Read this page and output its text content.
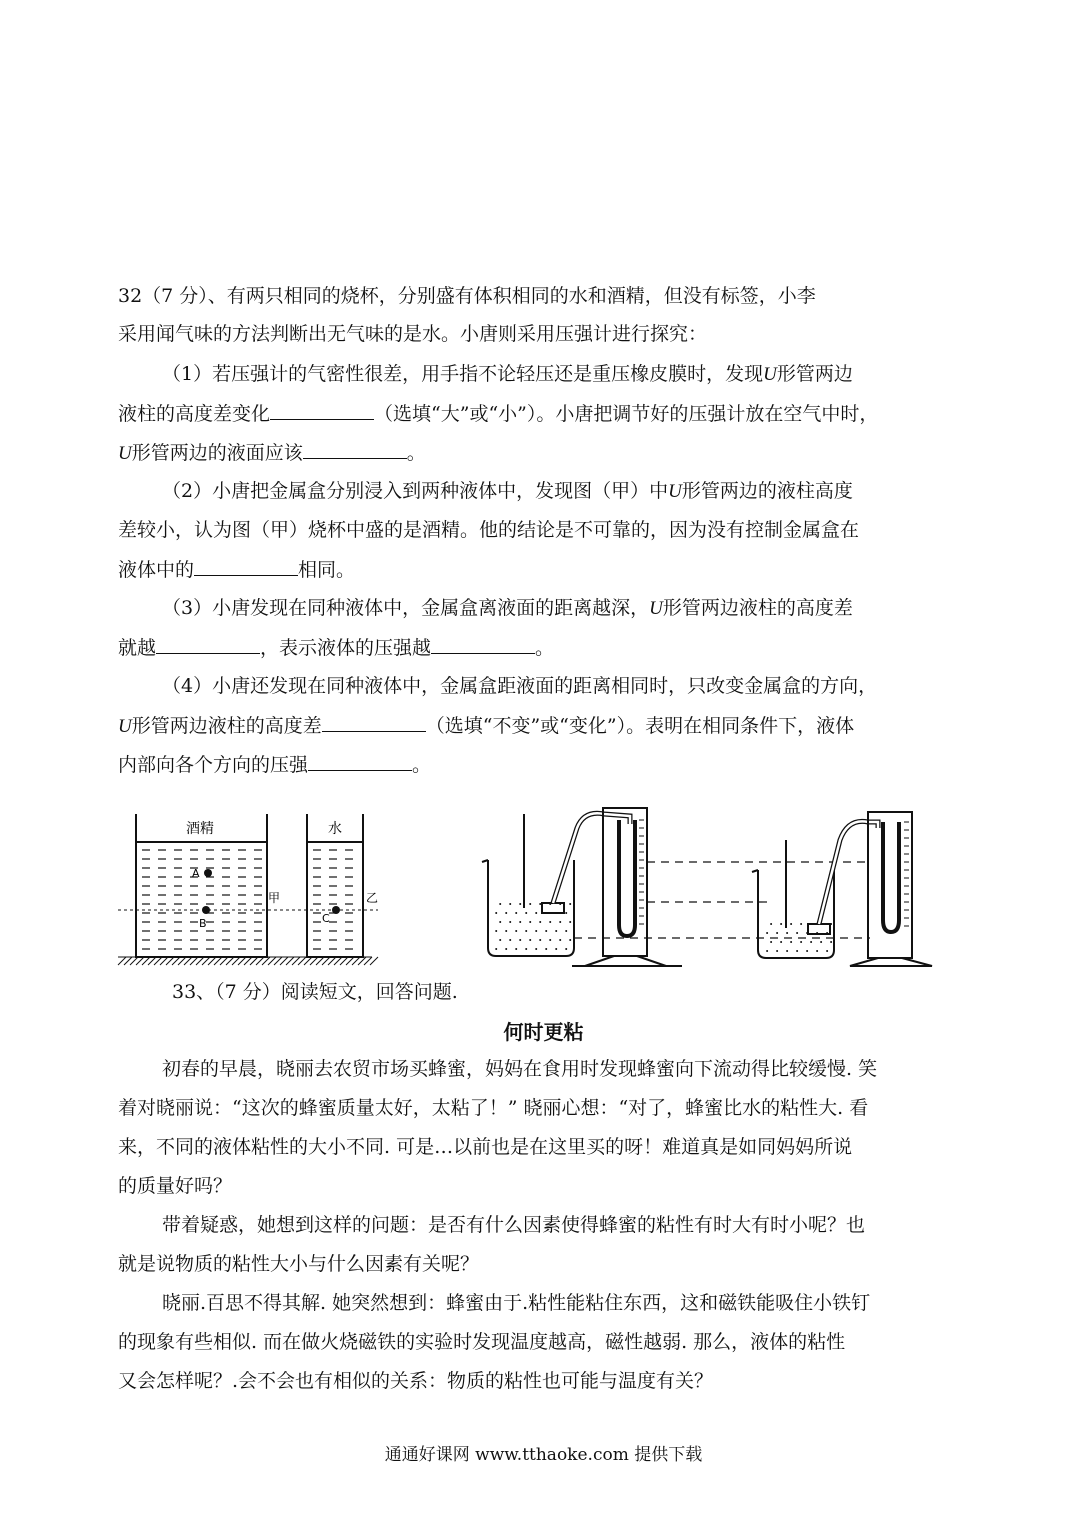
32（7 分）、有两只相同的烧杯，分别盛有体积相同的水和酒精，但没有标签，小李
采用闻气味的方法判断出无气味的是水。小唐则采用压强计进行探究：
（1）若压强计的气密性很差，用手指不论轻压还是重压橡皮膜时，发现U形管两边
液柱的高度差变化	（选填“大”或“小”）。小唐把调节好的压强计放在空气中时，
U形管两边的液面应该	。
（2）小唐把金属盒分别浸入到两种液体中，发现图（甲）中U形管两边的液柱高度
差较小，认为图（甲）烧杯中盛的是酒精。他的结论是不可靠的，因为没有控制金属盒在
液体中的	相同。
（3）小唐发现在同种液体中，金属盒离液面的距离越深，U形管两边液柱的高度差
就越	，表示液体的压强越	。
（4）小唐还发现在同种液体中，金属盒距液面的距离相同时，只改变金属盒的方向，
U形管两边液柱的高度差	（选填“不变”或“变化”）。表明在相同条件下，液体
内部向各个方向的压强	。
酒精	水
甲	乙
A
B	C
33、（7 分）阅读短文，回答问题.
何时更粘
初春的早晨，晓丽去农贸市场买蜂蜜，妈妈在食用时发现蜂蜜向下流动得比较缓慢. 笑
着对晓丽说：“这次的蜂蜜质量太好，太粘了！” 晓丽心想：“对了，蜂蜜比水的粘性大. 看
来，不同的液体粘性的大小不同. 可是…以前也是在这里买的呀！难道真是如同妈妈所说
的质量好吗？
带着疑惑，她想到这样的问题：是否有什么因素使得蜂蜜的粘性有时大有时小呢？也
就是说物质的粘性大小与什么因素有关呢？
晓丽.百思不得其解. 她突然想到：蜂蜜由于.粘性能粘住东西，这和磁铁能吸住小铁钉
的现象有些相似. 而在做火烧磁铁的实验时发现温度越高，磁性越弱. 那么，液体的粘性
又会怎样呢？.会不会也有相似的关系：物质的粘性也可能与温度有关？
通通好课网 www.tthaoke.com 提供下载
